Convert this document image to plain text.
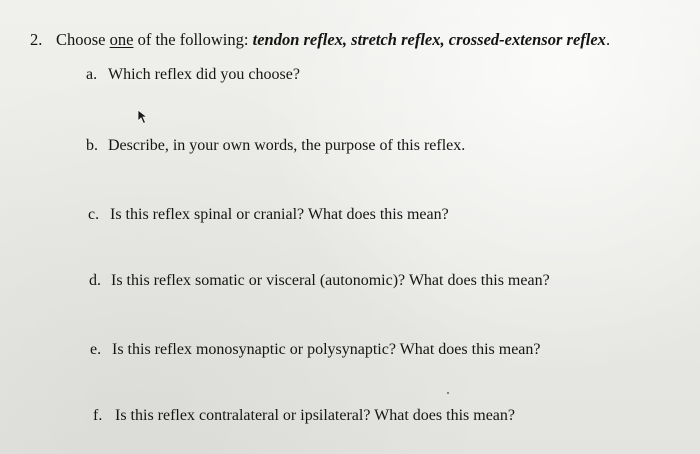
2. Choose one of the following: tendon reflex, stretch reflex, crossed-extensor reflex.
a. Which reflex did you choose?
b. Describe, in your own words, the purpose of this reflex.
c. Is this reflex spinal or cranial? What does this mean?
d. Is this reflex somatic or visceral (autonomic)? What does this mean?
e. Is this reflex monosynaptic or polysynaptic? What does this mean?
f. Is this reflex contralateral or ipsilateral? What does this mean?
